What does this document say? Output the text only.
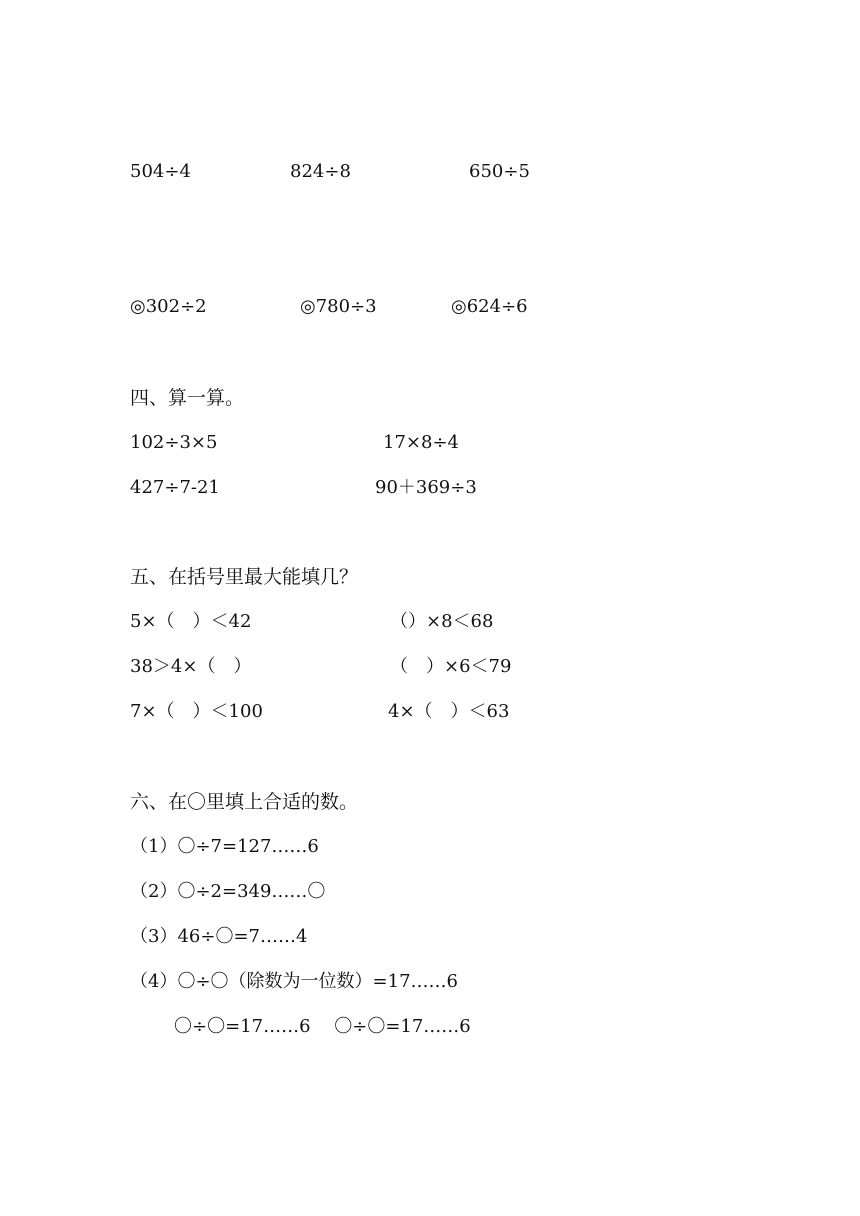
504÷4	824÷8	650÷5
◎302÷2	◎780÷3	◎624÷6
四、算一算。
102÷3×5	17×8÷4
427÷7-21	90＋369÷3
五、在括号里最大能填几？
5×（　）＜42	（）×8＜68
38＞4×（　）	（　）×6＜79
7×（　）＜100	4×（　）＜63
六、在〇里填上合适的数。
（1）〇÷7=127……6
（2）〇÷2=349……〇
（3）46÷〇=7……4
（4）〇÷〇（除数为一位数）=17……6
〇÷〇=17……6　 〇÷〇=17……6
